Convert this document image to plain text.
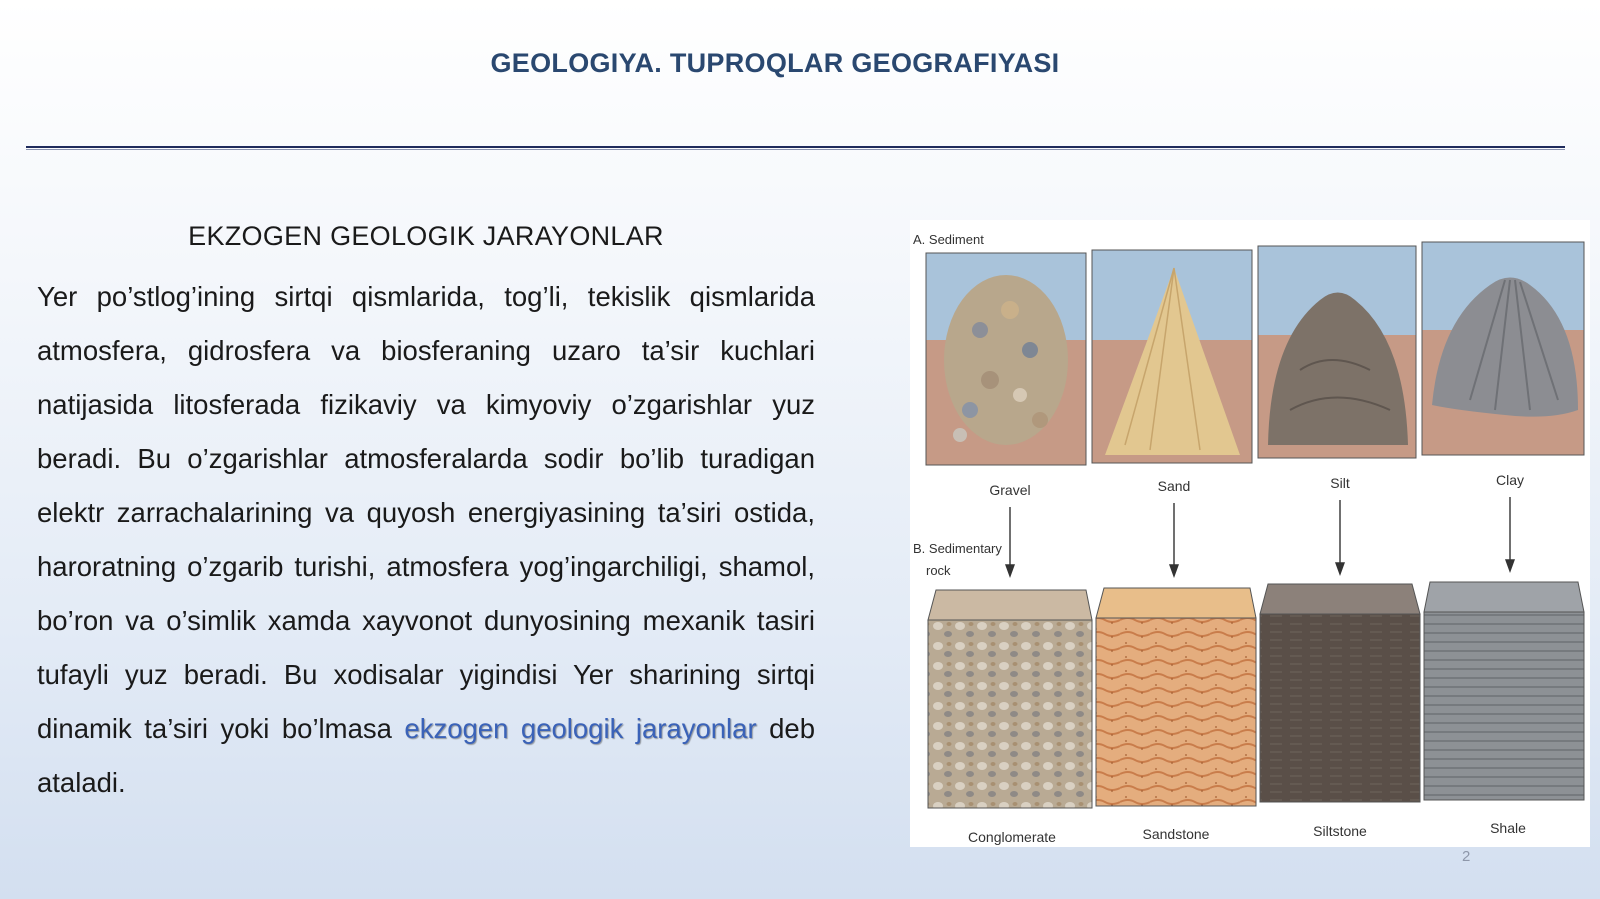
GEOLOGIYA. TUPROQLAR GEOGRAFIYASI
EKZOGEN GEOLOGIK JARAYONLAR

Yer po’stlog’ining sirtqi qismlarida, tog’li, tekislik qismlarida atmosfera, gidrosfera va biosferaning uzaro ta’sir kuchlari natijasida litosferada fizikaviy va kimyoviy o’zgarishlar yuz beradi. Bu o’zgarishlar atmosferalarda sodir bo’lib turadigan elektr zarrachalarining va quyosh energiyasining ta’siri ostida, haroratning o’zgarib turishi, atmosfera yog’ingarchiligi, shamol, bo’ron va o’simlik xamda xayvonot dunyosining mexanik tasiri tufayli yuz beradi. Bu xodisalar yigindisi Yer sharining sirtqi dinamik ta’siri yoki bo’lmasa ekzogen geologik jarayonlar deb ataladi.

A. Sediment
Gravel	Sand	Silt	Clay
B. Sedimentary
rock
Conglomerate	Sandstone	Siltstone	Shale
2
